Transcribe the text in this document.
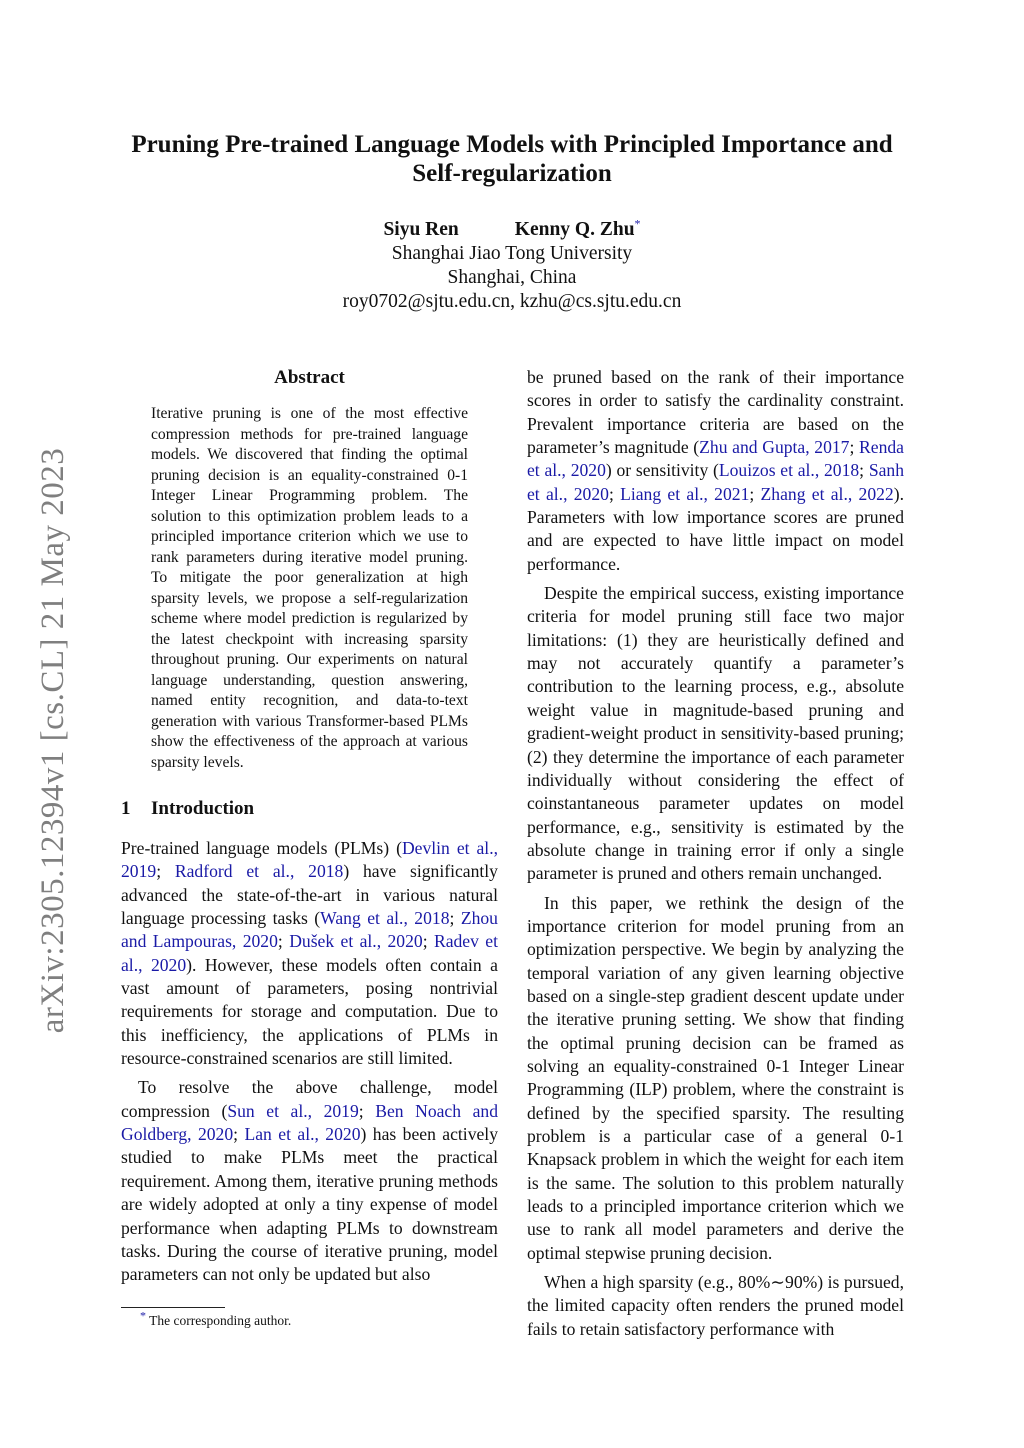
arXiv:2305.12394v1 [cs.CL] 21 May 2023
Pruning Pre-trained Language Models with Principled Importance and Self-regularization
Siyu Ren	Kenny Q. Zhu*
Shanghai Jiao Tong University
Shanghai, China
roy0702@sjtu.edu.cn, kzhu@cs.sjtu.edu.cn
Abstract
Iterative pruning is one of the most effective compression methods for pre-trained language models. We discovered that finding the optimal pruning decision is an equality-constrained 0-1 Integer Linear Programming problem. The solution to this optimization problem leads to a principled importance criterion which we use to rank parameters during iterative model pruning. To mitigate the poor generalization at high sparsity levels, we propose a self-regularization scheme where model prediction is regularized by the latest checkpoint with increasing sparsity throughout pruning. Our experiments on natural language understanding, question answering, named entity recognition, and data-to-text generation with various Transformer-based PLMs show the effectiveness of the approach at various sparsity levels.
1 Introduction

Pre-trained language models (PLMs) (Devlin et al., 2019; Radford et al., 2018) have significantly advanced the state-of-the-art in various natural language processing tasks (Wang et al., 2018; Zhou and Lampouras, 2020; Dušek et al., 2020; Radev et al., 2020). However, these models often contain a vast amount of parameters, posing nontrivial requirements for storage and computation. Due to this inefficiency, the applications of PLMs in resource-constrained scenarios are still limited.

To resolve the above challenge, model compression (Sun et al., 2019; Ben Noach and Goldberg, 2020; Lan et al., 2020) has been actively studied to make PLMs meet the practical requirement. Among them, iterative pruning methods are widely adopted at only a tiny expense of model performance when adapting PLMs to downstream tasks. During the course of iterative pruning, model parameters can not only be updated but also

be pruned based on the rank of their importance scores in order to satisfy the cardinality constraint. Prevalent importance criteria are based on the parameter’s magnitude (Zhu and Gupta, 2017; Renda et al., 2020) or sensitivity (Louizos et al., 2018; Sanh et al., 2020; Liang et al., 2021; Zhang et al., 2022). Parameters with low importance scores are pruned and are expected to have little impact on model performance.

Despite the empirical success, existing importance criteria for model pruning still face two major limitations: (1) they are heuristically defined and may not accurately quantify a parameter’s contribution to the learning process, e.g., absolute weight value in magnitude-based pruning and gradient-weight product in sensitivity-based pruning; (2) they determine the importance of each parameter individually without considering the effect of coinstantaneous parameter updates on model performance, e.g., sensitivity is estimated by the absolute change in training error if only a single parameter is pruned and others remain unchanged.

In this paper, we rethink the design of the importance criterion for model pruning from an optimization perspective. We begin by analyzing the temporal variation of any given learning objective based on a single-step gradient descent update under the iterative pruning setting. We show that finding the optimal pruning decision can be framed as solving an equality-constrained 0-1 Integer Linear Programming (ILP) problem, where the constraint is defined by the specified sparsity. The resulting problem is a particular case of a general 0-1 Knapsack problem in which the weight for each item is the same. The solution to this problem naturally leads to a principled importance criterion which we use to rank all model parameters and derive the optimal stepwise pruning decision.

When a high sparsity (e.g., 80%∼90%) is pursued, the limited capacity often renders the pruned model fails to retain satisfactory performance with

* The corresponding author.
